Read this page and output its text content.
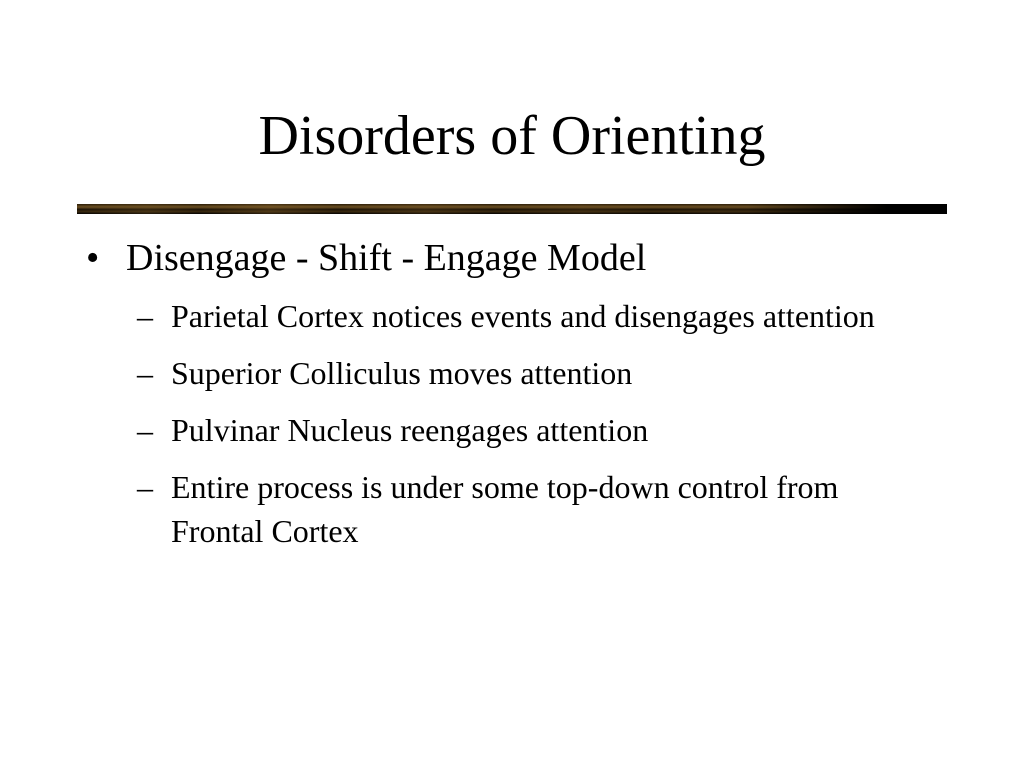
Disorders of Orienting
• Disengage - Shift - Engage Model
– Parietal Cortex notices events and disengages attention
– Superior Colliculus moves attention
– Pulvinar Nucleus reengages attention
– Entire process is under some top-down control from Frontal Cortex
